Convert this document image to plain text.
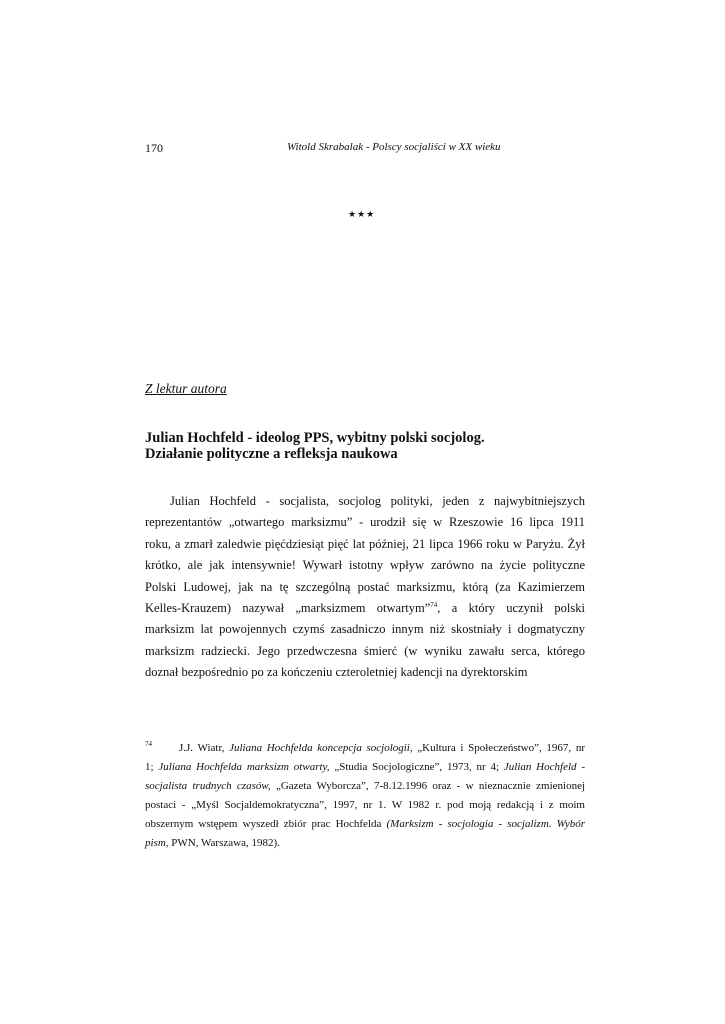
170	Witold Skrabalak - Polscy socjaliści w XX wieku
★★★
Z lektur autora
Julian Hochfeld - ideolog PPS, wybitny polski socjolog.
Działanie polityczne a refleksja naukowa
Julian Hochfeld - socjalista, socjolog polityki, jeden z najwybitniejszych
reprezentantów „otwartego marksizmu” - urodził się w Rzeszowie 16 lipca 1911
roku, a zmarł zaledwie pięćdziesiąt pięć lat później, 21 lipca 1966 roku w Paryżu. Żył
krótko, ale jak intensywnie! Wywarł istotny wpływ zarówno na życie polityczne
Polski Ludowej, jak na tę szczególną postać marksizmu, którą (za Kazimierzem
Kelles-Krauzem) nazywał „marksizmem otwartym”$^{74}$, a który uczynił polski
marksizm lat powojennych czymś zasadniczo innym niż skostniały i dogmatyczny
marksizm radziecki. Jego przedwczesna śmierć (w wyniku zawału serca, którego
doznał bezpośrednio po za kończeniu czteroletniej kadencji na dyrektorskim
$^{74}$ J.J. Wiatr, Juliana Hochfelda koncepcja socjologii, „Kultura i Społeczeństwo”, 1967, nr
1; Juliana Hochfelda marksizm otwarty, „Studia Socjologiczne”, 1973, nr 4; Julian Hochfeld -
socjalista trudnych czasów, „Gazeta Wyborcza”, 7-8.12.1996 oraz - w nieznacznie zmienionej
postaci - „Myśl Socjaldemokratyczna”, 1997, nr 1. W 1982 r. pod moją redakcją i z moim
obszernym wstępem wyszedł zbiór prac Hochfelda (Marksizm - socjologia - socjalizm. Wybór
pism, PWN, Warszawa, 1982).
